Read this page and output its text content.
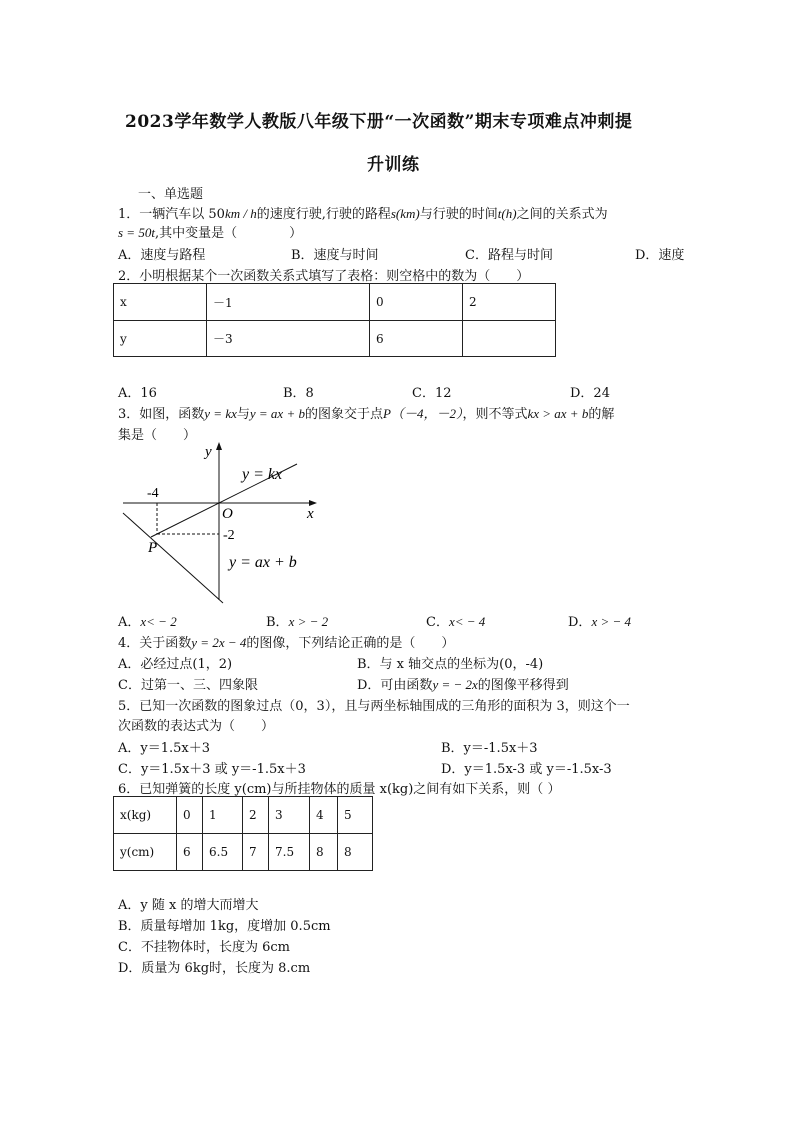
2023学年数学人教版八年级下册“一次函数”期末专项难点冲刺提
升训练
一、单选题
1．一辆汽车以 50km / h的速度行驶,行驶的路程s(km)与行驶的时间t(h)之间的关系式为
s = 50t,其中变量是（　　　　）
A．速度与路程	B．速度与时间	C．路程与时间	D．速度
2．小明根据某个一次函数关系式填写了表格：则空格中的数为（　　）
x	－1	0	2
y	－3	6	
A．16	B．8	C．12	D．24
3．如图，函数y = kx与y = ax + b的图象交于点P（－4，－2），则不等式kx > ax + b的解
集是（　　）
y
x
y = kx
y = ax + b
O
-4
-2
P
A．x< − 2	B．x > − 2	C．x< − 4	D．x > − 4
4．关于函数y = 2x − 4的图像，下列结论正确的是（　　）
A．必经过点(1，2)	B．与 x 轴交点的坐标为(0，-4)
C．过第一、三、四象限	D．可由函数y = − 2x的图像平移得到
5．已知一次函数的图象过点（0，3），且与两坐标轴围成的三角形的面积为 3，则这个一
次函数的表达式为（　　）
A．y＝1.5x＋3	B．y＝-1.5x＋3
C．y＝1.5x＋3 或 y＝-1.5x＋3	D．y＝1.5x-3 或 y＝-1.5x-3
6．已知弹簧的长度 y(cm)与所挂物体的质量 x(kg)之间有如下关系，则（ ）
x(kg)	0	1	2	3	4	5
y(cm)	6	6.5	7	7.5	8	8
A．y 随 x 的增大而增大
B．质量每增加 1kg，度增加 0.5cm
C．不挂物体时，长度为 6cm
D．质量为 6kg时，长度为 8.cm
